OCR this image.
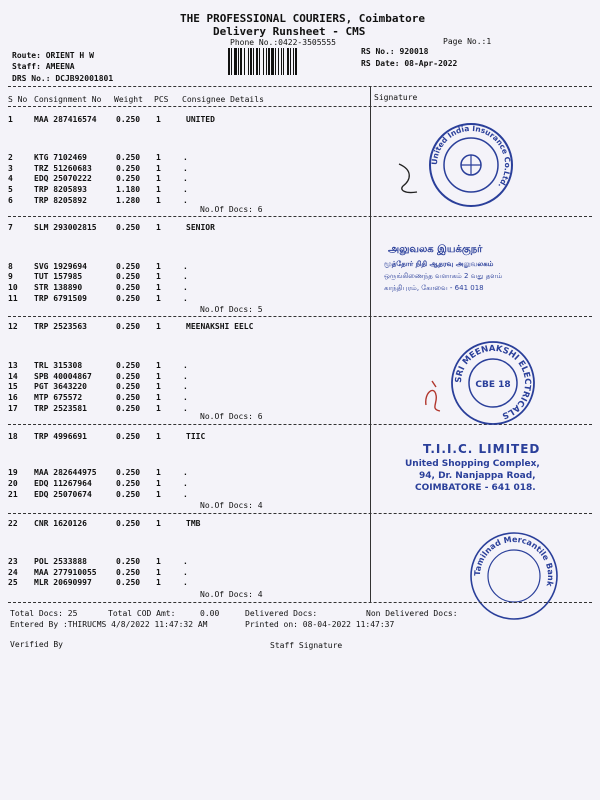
THE PROFESSIONAL COURIERS, Coimbatore
Delivery Runsheet - CMS
Phone No.:0422-3505555	Page No.:1
Route: ORIENT H W
Staff: AMEENA
DRS No.: DCJB92001801
RS No.: 920018
RS Date: 08-Apr-2022
S No Consignment No Weight PCS Consignee Details	Signature
1	MAA 287416574 0.250 1	UNITED
2	KTG 7102469	0.250 1	.
3	TRZ 51260683	0.250 1	.
4	EDQ 25070222	0.250 1	.
5	TRP 8205893	1.180 1	.
6	TRP 8205892	1.280 1	.
No.Of Docs: 6
7	SLM 293002815 0.250 1	SENIOR
8	SVG 1929694	0.250 1	.
9	TUT 157985	0.250 1	.
10 STR 138890	0.250 1	.
11 TRP 6791509	0.250 1	.
No.Of Docs: 5
12 TRP 2523563	0.250 1	MEENAKSHI EELC
13 TRL 315308	0.250 1	.
14 SPB 40004867	0.250 1	.
15 PGT 3643220	0.250 1	.
16 MTP 675572	0.250 1	.
17 TRP 2523581	0.250 1	.
No.Of Docs: 6
18 TRP 4996691	0.250 1	TIIC
19 MAA 282644975 0.250 1	.
20 EDQ 11267964	0.250 1	.
21 EDQ 25070674	0.250 1	.
No.Of Docs: 4
22 CNR 1620126	0.250 1	TMB
23 POL 2533888	0.250 1	.
24 MAA 277910055 0.250 1	.
25 MLR 20690997	0.250 1	.
No.Of Docs: 4
United India Insurance Co.Ltd.
அலுவலக இயக்குநர்
மூத்தோர் நிதி ஆதரவு அலுவலகம்
ஒருங்கிணைந்த வளாகம் 2 வது தளம்
காந்திபுரம், கோவை - 641 018
SRI MEENAKSHI ELECTRICALS
CBE 18
T.I.I.C. LIMITED
United Shopping Complex,
94, Dr. Nanjappa Road,
COIMBATORE - 641 018.
Tamilnad Mercantile Bank
Total Docs: 25	Total COD Amt:	0.00	Delivered Docs:	Non Delivered Docs:
Entered By :THIRUCMS 4/8/2022 11:47:32 AM	Printed on: 08-04-2022 11:47:37
Verified By	Staff Signature
